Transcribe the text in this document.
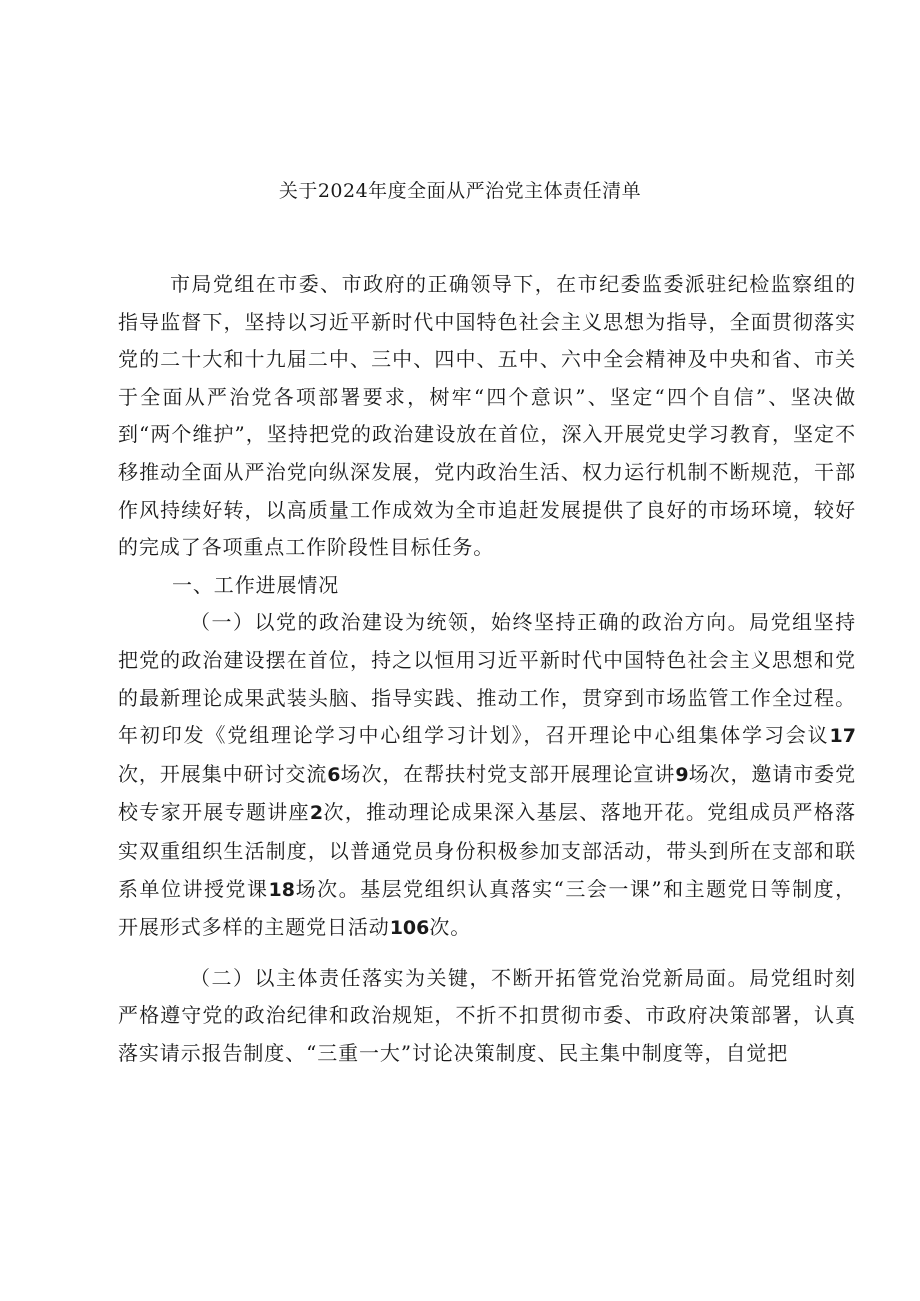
关于2024年度全面从严治党主体责任清单

市局党组在市委、市政府的正确领导下，在市纪委监委派驻纪检监察组的指导监督下，坚持以习近平新时代中国特色社会主义思想为指导，全面贯彻落实党的二十大和十九届二中、三中、四中、五中、六中全会精神及中央和省、市关于全面从严治党各项部署要求，树牢“四个意识”、坚定“四个自信”、坚决做到“两个维护”，坚持把党的政治建设放在首位，深入开展党史学习教育，坚定不移推动全面从严治党向纵深发展，党内政治生活、权力运行机制不断规范，干部作风持续好转，以高质量工作成效为全市追赶发展提供了良好的市场环境，较好的完成了各项重点工作阶段性目标任务。

一、工作进展情况

（一）以党的政治建设为统领，始终坚持正确的政治方向。局党组坚持把党的政治建设摆在首位，持之以恒用习近平新时代中国特色社会主义思想和党的最新理论成果武装头脑、指导实践、推动工作，贯穿到市场监管工作全过程。年初印发《党组理论学习中心组学习计划》，召开理论中心组集体学习会议17次，开展集中研讨交流6场次，在帮扶村党支部开展理论宣讲9场次，邀请市委党校专家开展专题讲座2次，推动理论成果深入基层、落地开花。党组成员严格落实双重组织生活制度，以普通党员身份积极参加支部活动，带头到所在支部和联系单位讲授党课18场次。基层党组织认真落实“三会一课”和主题党日等制度，开展形式多样的主题党日活动106次。

（二）以主体责任落实为关键，不断开拓管党治党新局面。局党组时刻严格遵守党的政治纪律和政治规矩，不折不扣贯彻市委、市政府决策部署，认真落实请示报告制度、“三重一大”讨论决策制度、民主集中制度等，自觉把
